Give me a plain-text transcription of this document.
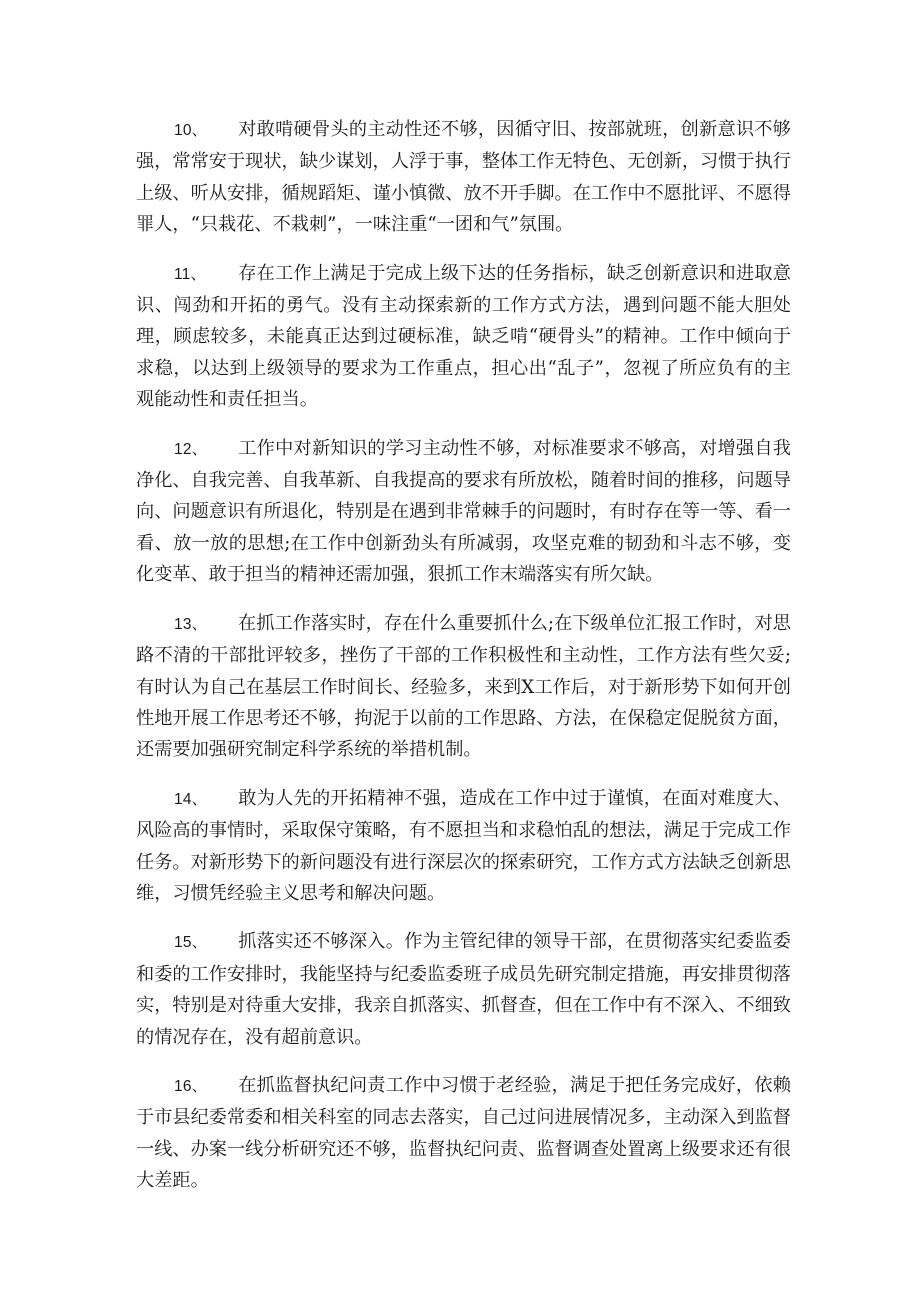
10、 对敢啃硬骨头的主动性还不够，因循守旧、按部就班，创新意识不够强，常常安于现状，缺少谋划，人浮于事，整体工作无特色、无创新，习惯于执行上级、听从安排，循规蹈矩、谨小慎微、放不开手脚。在工作中不愿批评、不愿得罪人，“只栽花、不栽刺”，一味注重“一团和气”氛围。

11、 存在工作上满足于完成上级下达的任务指标，缺乏创新意识和进取意识、闯劲和开拓的勇气。没有主动探索新的工作方式方法，遇到问题不能大胆处理，顾虑较多，未能真正达到过硬标准，缺乏啃“硬骨头”的精神。工作中倾向于求稳，以达到上级领导的要求为工作重点，担心出“乱子”，忽视了所应负有的主观能动性和责任担当。

12、 工作中对新知识的学习主动性不够，对标准要求不够高，对增强自我净化、自我完善、自我革新、自我提高的要求有所放松，随着时间的推移，问题导向、问题意识有所退化，特别是在遇到非常棘手的问题时，有时存在等一等、看一看、放一放的思想;在工作中创新劲头有所减弱，攻坚克难的韧劲和斗志不够，变化变革、敢于担当的精神还需加强，狠抓工作末端落实有所欠缺。

13、 在抓工作落实时，存在什么重要抓什么;在下级单位汇报工作时，对思路不清的干部批评较多，挫伤了干部的工作积极性和主动性，工作方法有些欠妥;有时认为自己在基层工作时间长、经验多，来到X工作后，对于新形势下如何开创性地开展工作思考还不够，拘泥于以前的工作思路、方法，在保稳定促脱贫方面，还需要加强研究制定科学系统的举措机制。

14、 敢为人先的开拓精神不强，造成在工作中过于谨慎，在面对难度大、风险高的事情时，采取保守策略，有不愿担当和求稳怕乱的想法，满足于完成工作任务。对新形势下的新问题没有进行深层次的探索研究，工作方式方法缺乏创新思维，习惯凭经验主义思考和解决问题。

15、 抓落实还不够深入。作为主管纪律的领导干部，在贯彻落实纪委监委和委的工作安排时，我能坚持与纪委监委班子成员先研究制定措施，再安排贯彻落实，特别是对待重大安排，我亲自抓落实、抓督查，但在工作中有不深入、不细致的情况存在，没有超前意识。

16、 在抓监督执纪问责工作中习惯于老经验，满足于把任务完成好，依赖于市县纪委常委和相关科室的同志去落实，自己过问进展情况多，主动深入到监督一线、办案一线分析研究还不够，监督执纪问责、监督调查处置离上级要求还有很大差距。
